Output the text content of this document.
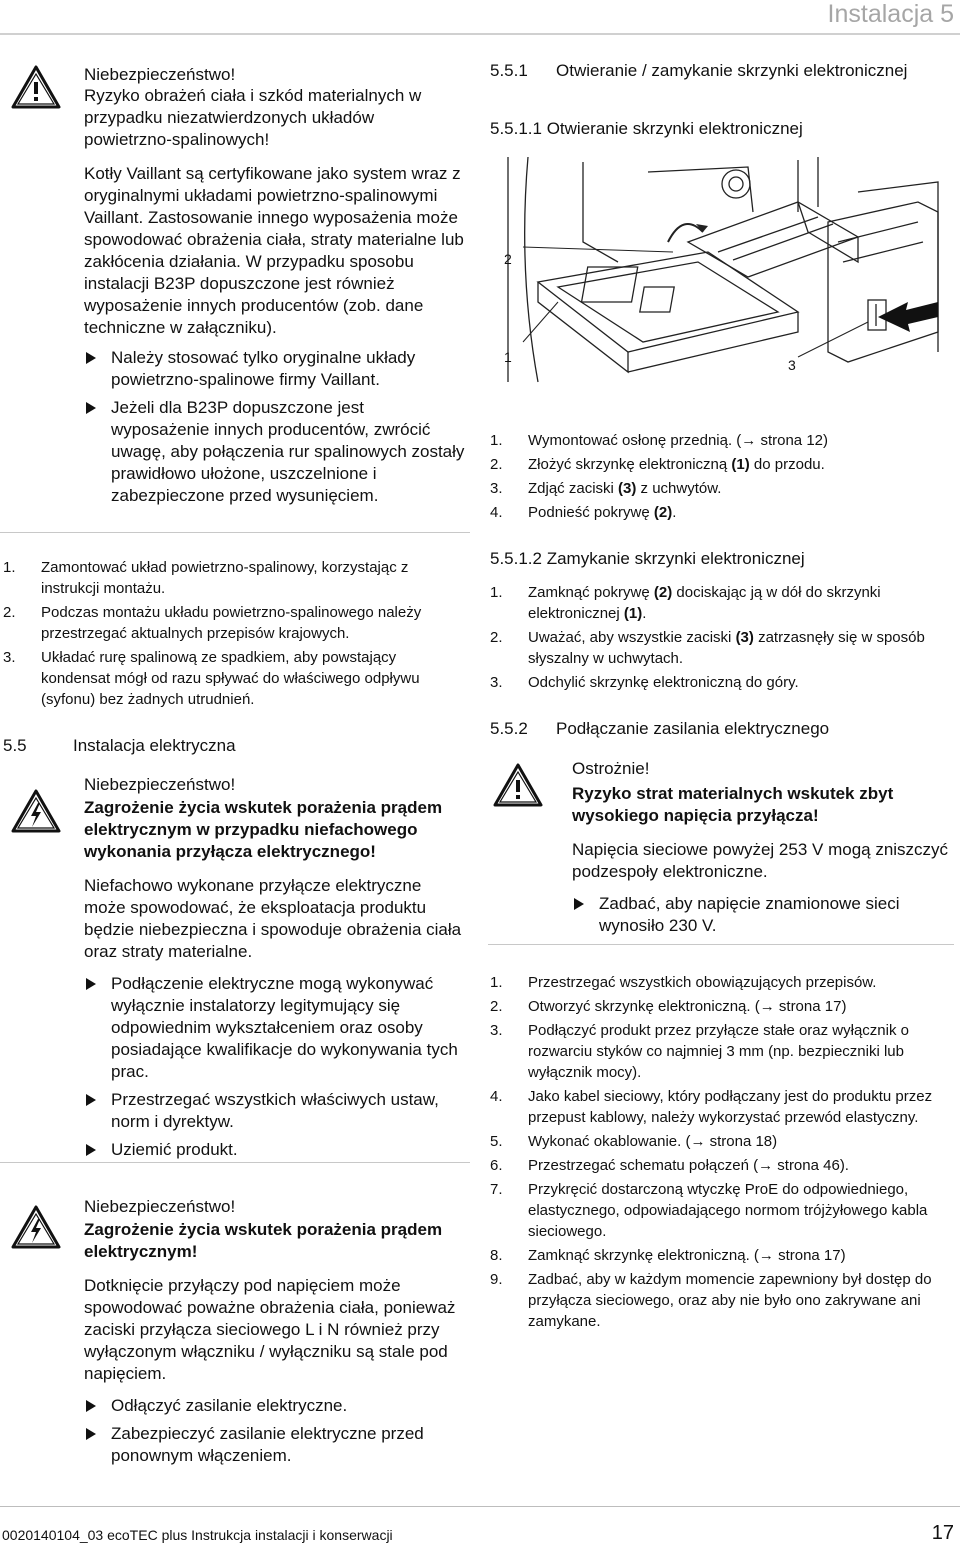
Instalacja 5
Niebezpieczeństwo!
Ryzyko obrażeń ciała i szkód materialnych w przypadku niezatwierdzonych układów powietrzno-spalinowych!
Kotły Vaillant są certyfikowane jako system wraz z oryginalnymi układami powietrzno-spalinowymi Vaillant. Zastosowanie innego wyposażenia może spowodować obrażenia ciała, straty materialne lub zakłócenia działania. W przypadku sposobu instalacji B23P dopuszczone jest również wyposażenie innych producentów (zob. dane techniczne w załączniku).
Należy stosować tylko oryginalne układy powietrzno-spalinowe firmy Vaillant.
Jeżeli dla B23P dopuszczone jest wyposażenie innych producentów, zwrócić uwagę, aby połączenia rur spalinowych zostały prawidłowo ułożone, uszczelnione i zabezpieczone przed wysunięciem.
1. Zamontować układ powietrzno-spalinowy, korzystając z instrukcji montażu.
2. Podczas montażu układu powietrzno-spalinowego należy przestrzegać aktualnych przepisów krajowych.
3. Układać rurę spalinową ze spadkiem, aby powstający kondensat mógł od razu spływać do właściwego odpływu (syfonu) bez żadnych utrudnień.
5.5	Instalacja elektryczna
Niebezpieczeństwo!
Zagrożenie życia wskutek porażenia prądem elektrycznym w przypadku niefachowego wykonania przyłącza elektrycznego!
Niefachowo wykonane przyłącze elektryczne może spowodować, że eksploatacja produktu będzie niebezpieczna i spowoduje obrażenia ciała oraz straty materialne.
Podłączenie elektryczne mogą wykonywać wyłącznie instalatorzy legitymujący się odpowiednim wykształceniem oraz osoby posiadające kwalifikacje do wykonywania tych prac.
Przestrzegać wszystkich właściwych ustaw, norm i dyrektyw.
Uziemić produkt.
Niebezpieczeństwo!
Zagrożenie życia wskutek porażenia prądem elektrycznym!
Dotknięcie przyłączy pod napięciem może spowodować poważne obrażenia ciała, ponieważ zaciski przyłącza sieciowego L i N również przy wyłączonym włączniku / wyłączniku są stale pod napięciem.
Odłączyć zasilanie elektryczne.
Zabezpieczyć zasilanie elektryczne przed ponownym włączeniem.
5.5.1	Otwieranie / zamykanie skrzynki elektronicznej
5.5.1.1 Otwieranie skrzynki elektronicznej
2
1	3
1. Wymontować osłonę przednią. (→ strona 12)
2. Złożyć skrzynkę elektroniczną (1) do przodu.
3. Zdjąć zaciski (3) z uchwytów.
4. Podnieść pokrywę (2).
5.5.1.2 Zamykanie skrzynki elektronicznej
1. Zamknąć pokrywę (2) dociskając ją w dół do skrzynki elektronicznej (1).
2. Uważać, aby wszystkie zaciski (3) zatrzasnęły się w sposób słyszalny w uchwytach.
3. Odchylić skrzynkę elektroniczną do góry.
5.5.2	Podłączanie zasilania elektrycznego
Ostrożnie!
Ryzyko strat materialnych wskutek zbyt wysokiego napięcia przyłącza!
Napięcia sieciowe powyżej 253 V mogą zniszczyć podzespoły elektroniczne.
Zadbać, aby napięcie znamionowe sieci wynosiło 230 V.
1. Przestrzegać wszystkich obowiązujących przepisów.
2. Otworzyć skrzynkę elektroniczną. (→ strona 17)
3. Podłączyć produkt przez przyłącze stałe oraz wyłącznik o rozwarciu styków co najmniej 3 mm (np. bezpieczniki lub wyłącznik mocy).
4. Jako kabel sieciowy, który podłączany jest do produktu przez przepust kablowy, należy wykorzystać przewód elastyczny.
5. Wykonać okablowanie. (→ strona 18)
6. Przestrzegać schematu połączeń (→ strona 46).
7. Przykręcić dostarczoną wtyczkę ProE do odpowiedniego, elastycznego, odpowiadającego normom trójżyłowego kabla sieciowego.
8. Zamknąć skrzynkę elektroniczną. (→ strona 17)
9. Zadbać, aby w każdym momencie zapewniony był dostęp do przyłącza sieciowego, oraz aby nie było ono zakrywane ani zamykane.
0020140104_03 ecoTEC plus Instrukcja instalacji i konserwacji	17
